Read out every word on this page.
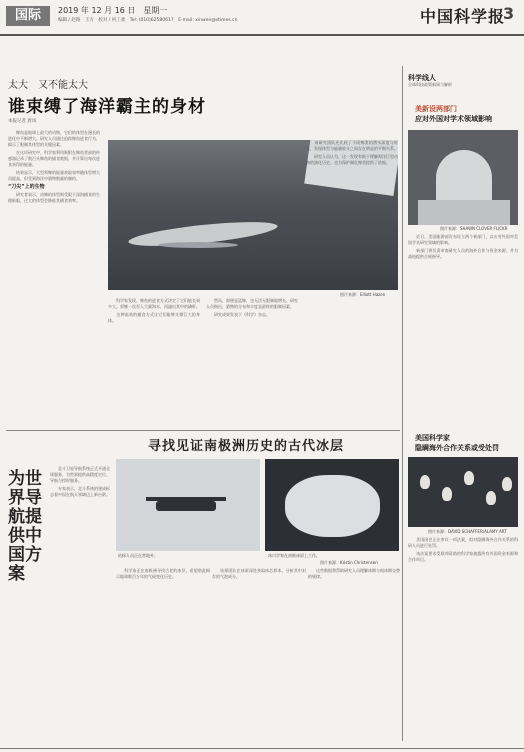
国际	2019 年 12 月 16 日　星期一
编辑 / 赵路　王方　校对 / 何工柔　Tel: (010)62580617　E-mail: xinwen@stimes.cn	中国科学报
3
太大　又不能太大
谁束缚了海洋霸主的身材
本报记者 唐凤

　　鲸鱼是地球上最大的动物，它们的体型在漫长的进化中不断增大。研究人员通过追踪鲸鱼进食行为，揭示了限制其体型的关键因素。

　　在这项研究中，科学家利用吸附在鲸鱼背部的传感器记录了数百头鲸鱼的捕食数据，并计算出每次进食获得的能量。

　　结果显示，大型须鲸的能量获取效率随体型增大而提高，但受到海洋中猎物数量的制约。

“刀尖”上的生物

　　研究者表示，齿鲸的体型则受限于深海捕食的生理极限，过大的体型会降低其捕食效率。

图片来源：Elliott Hazen

　　科学家发现，鲸鱼的进食方式决定了它们能长到多大。须鲸一次吞入大量海水，再滤出其中的磷虾。

　　这种高效的捕食方式让它们能够支撑巨大的身体。

　　然而，即便是蓝鲸，也无法无限制地增长。研究人员指出，猎物的分布和丰度是最终的限制因素。

　　研究成果发表于《科学》杂志。

　　该研究团队还比较了不同鲸类的潜水深度与时长，发现体型与能量收支之间存在明显的平衡关系。

　　研究人员认为，这一发现有助于理解海洋巨型动物的演化历史，也为保护濒危鲸类提供了依据。

科学线人
全球科技政策新闻与解析
美新设两部门
应对外国对学术领域影响
图片来源：SHAWN CLOVER FLICKR

　　近日，美国能源部宣布设立两个新部门，以应对外国对美国学术研究领域的影响。

　　新部门将负责审查研究人员的海外合作与资金来源，并为高校提供合规指导。

美国科学家
隐瞒海外合作关系或受处罚
图片来源：DAVID SCHAFFER/ALAMY ART

　　美国国会正在审议一项法案，拟对隐瞒海外合作关系的科研人员进行处罚。

　　该法案要求受联邦资助的科学家披露所有外国资金来源和合作项目。

为世界导航提供中国方案

　　北斗卫星导航系统正式开通全球服务，为世界提供高精度定位、导航与授时服务。

　　专家表示，北斗系统的建成标志着中国在航天领域迈上新台阶。

寻找见证南极洲历史的古代冰层
钻探人员正在营地外。	冰川学家在南极冰原上工作。
图片来源：Kristin Christensen

　　科学家正在南极洲寻找古老的冰层，希望借此揭示地球数百万年的气候变化历史。

　　钻探团队在冰原深处获取冰芯样本，分析其中封存的气泡成分。

　　这些数据将帮助研究人员理解冰期与间冰期交替的规律。
